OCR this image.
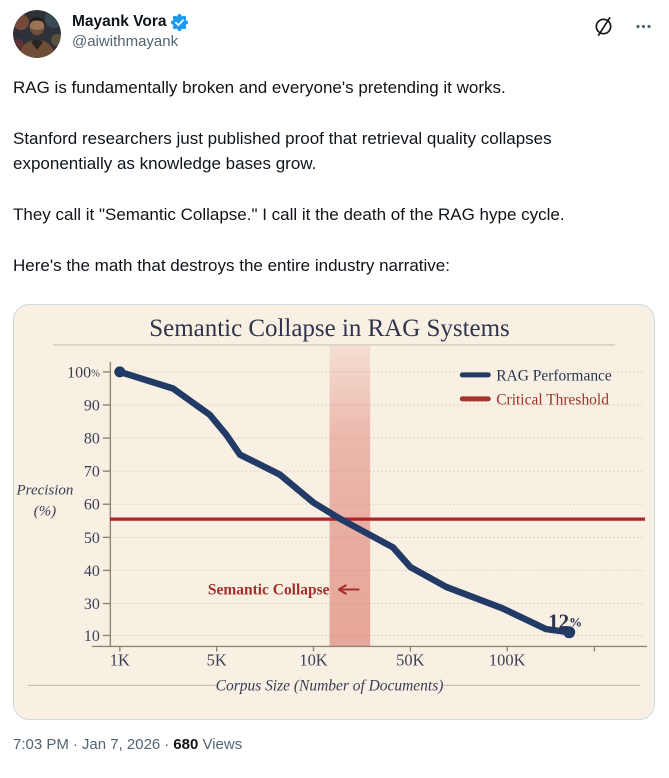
Mayank Vora
@aiwithmayank

RAG is fundamentally broken and everyone's pretending it works.

Stanford researchers just published proof that retrieval quality collapses exponentially as knowledge bases grow.

They call it "Semantic Collapse." I call it the death of the RAG hype cycle.

Here's the math that destroys the entire industry narrative:

Semantic Collapse in RAG Systems
100%
90
80
70
60
50
40
30
10
1K	5K	10K	50K	100K
RAG Performance
Critical Threshold
Semantic Collapse
12%
Precision
(%)
Corpus Size (Number of Documents)
7:03 PM · Jan 7, 2026 · 680 Views
